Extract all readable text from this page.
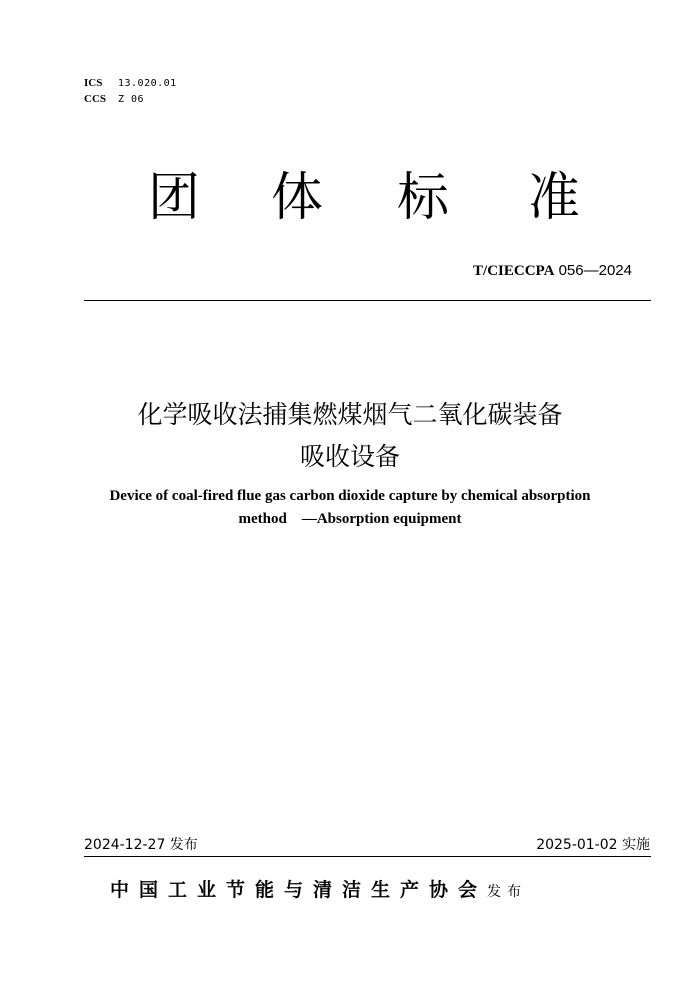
ICS 13.020.01
CCS Z 06
团 体 标 准
T/CIECCPA 056—2024
化学吸收法捕集燃煤烟气二氧化碳装备
吸收设备
Device of coal-fired flue gas carbon dioxide capture by chemical absorption
method　—Absorption equipment
2024-12-27 发布	2025-01-02 实施
中国工业节能与清洁生产协会发布
